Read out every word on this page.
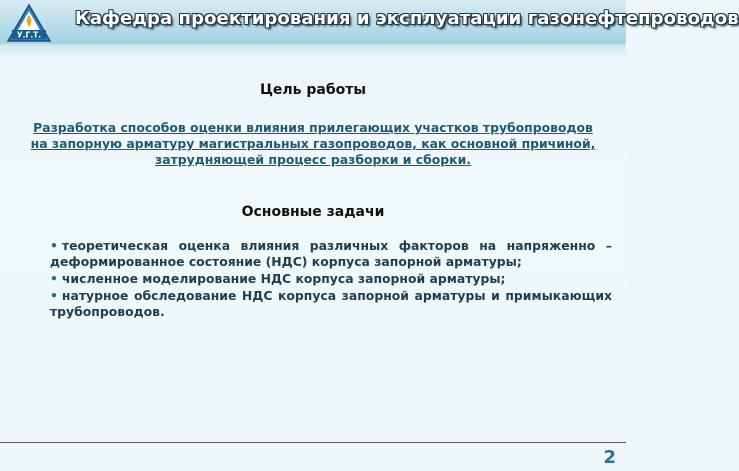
У.Г.Т.
Кафедра проектирования и эксплуатации газонефтепроводов
Цель работы
Разработка способов оценки влияния прилегающих участков трубопроводов на запорную арматуру магистральных газопроводов, как основной причиной, затрудняющей процесс разборки и сборки.
Основные задачи
• теоретическая оценка влияния различных факторов на напряженно – деформированное состояние (НДС) корпуса запорной арматуры;
• численное моделирование НДС корпуса запорной арматуры;
• натурное обследование НДС корпуса запорной арматуры и примыкающих трубопроводов.
2
